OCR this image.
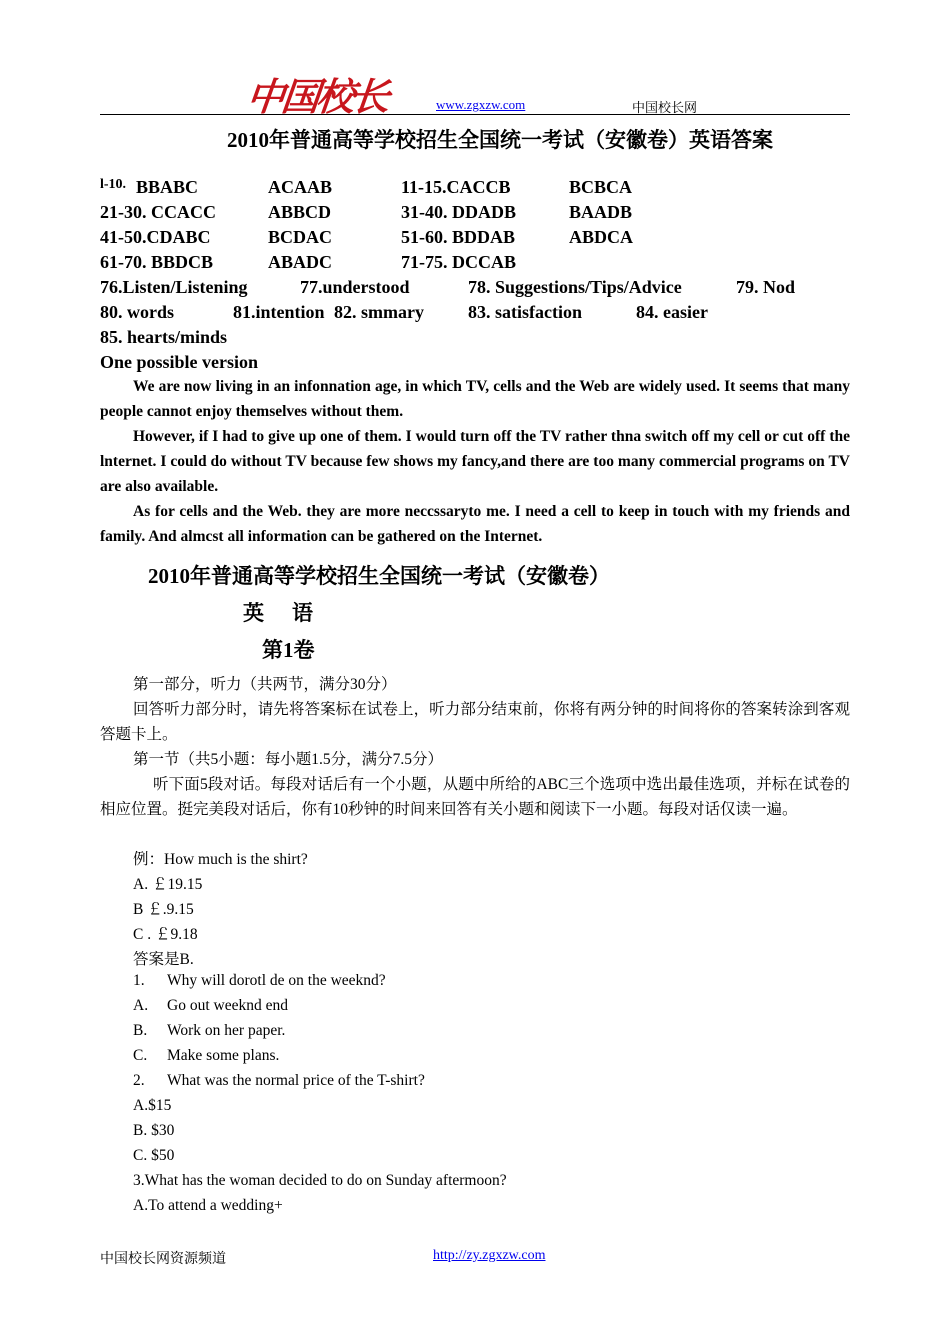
中国校长	www.zgxzw.com	中国校长网
2010年普通高等学校招生全国统一考试（安徽卷）英语答案
l-10. BBABC	ACAAB	11-15.CACCB	BCBCA
21-30. CCACC	ABBCD	31-40. DDADB	BAADB
41-50.CDABC	BCDAC	51-60. BDDAB	ABDCA
61-70. BBDCB	ABADC	71-75. DCCAB
76.Listen/Listening	77.understood	78. Suggestions/Tips/Advice	79. Nod
80. words	81.intention 82. smmary 83. satisfaction	84. easier
85. hearts/minds
One possible version
We are now living in an infonnation age, in which TV, cells and the Web are widely used. It seems that many people cannot enjoy themselves without them.
However, if I had to give up one of them. I would turn off the TV rather thna switch off my cell or cut off the lnternet. I could do without TV because few shows my fancy,and there are too many commercial programs on TV are also available.
As for cells and the Web. they are more neccssaryto me. I need a cell to keep in touch with my friends and family. And almcst all information can be gathered on the Internet.
2010年普通高等学校招生全国统一考试（安徽卷）
英语
第1卷
第一部分，听力（共两节，满分30分）
回答听力部分时，请先将答案标在试卷上，听力部分结束前，你将有两分钟的时间将你的答案转涂到客观答题卡上。
第一节（共5小题：每小题1.5分，满分7.5分）
听下面5段对话。每段对话后有一个小题，从题中所给的ABC三个选项中选出最佳选项，并标在试卷的相应位置。挺完美段对话后，你有10秒钟的时间来回答有关小题和阅读下一小题。每段对话仅读一遍。
例：How much is the shirt?
A. ￡19.15
B ￡.9.15
C . ￡9.18
答案是B.
1. Why will dorotl de on the weeknd?
A. Go out weeknd end
B. Work on her paper.
C. Make some plans.
2. What was the normal price of the T-shirt?
A.$15
B. $30
C. $50
3.What has the woman decided to do on Sunday aftermoon?
A.To attend a wedding+
中国校长网资源频道	http://zy.zgxzw.com
